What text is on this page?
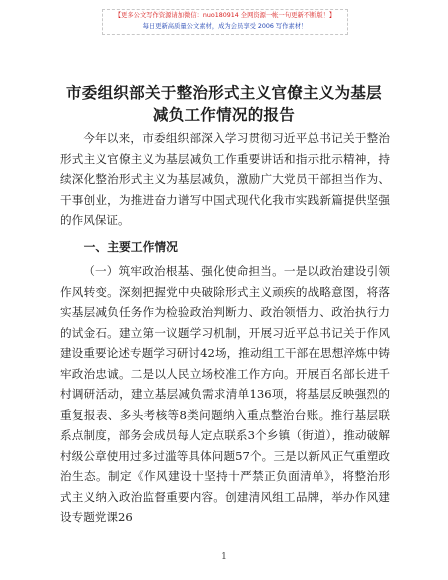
【更多公文写作资源请加微信：nuo180914 全网资源一帐一句更新不断版！】
每日更新高质量公文素材，成为会员享受 2006 写作素材！
市委组织部关于整治形式主义官僚主义为基层
减负工作情况的报告

今年以来，市委组织部深入学习贯彻习近平总书记关于整治形式主义官僚主义为基层减负工作重要讲话和指示批示精神，持续深化整治形式主义为基层减负，激励广大党员干部担当作为、干事创业，为推进奋力谱写中国式现代化我市实践新篇提供坚强的作风保证。

一、主要工作情况

（一）筑牢政治根基、强化使命担当。一是以政治建设引领作风转变。深刻把握党中央破除形式主义顽疾的战略意图，将落实基层减负任务作为检验政治判断力、政治领悟力、政治执行力的试金石。建立第一议题学习机制，开展习近平总书记关于作风建设重要论述专题学习研讨42场，推动组工干部在思想淬炼中铸牢政治忠诚。二是以人民立场校准工作方向。开展百名部长进千村调研活动，建立基层减负需求清单136项，将基层反映强烈的重复报表、多头考核等8类问题纳入重点整治台账。推行基层联系点制度，部务会成员每人定点联系3个乡镇（街道），推动破解村级公章使用过多过滥等具体问题57个。三是以新风正气重塑政治生态。制定《作风建设十坚持十严禁正负面清单》，将整治形式主义纳入政治监督重要内容。创建清风组工品牌，举办作风建设专题党课26

1
